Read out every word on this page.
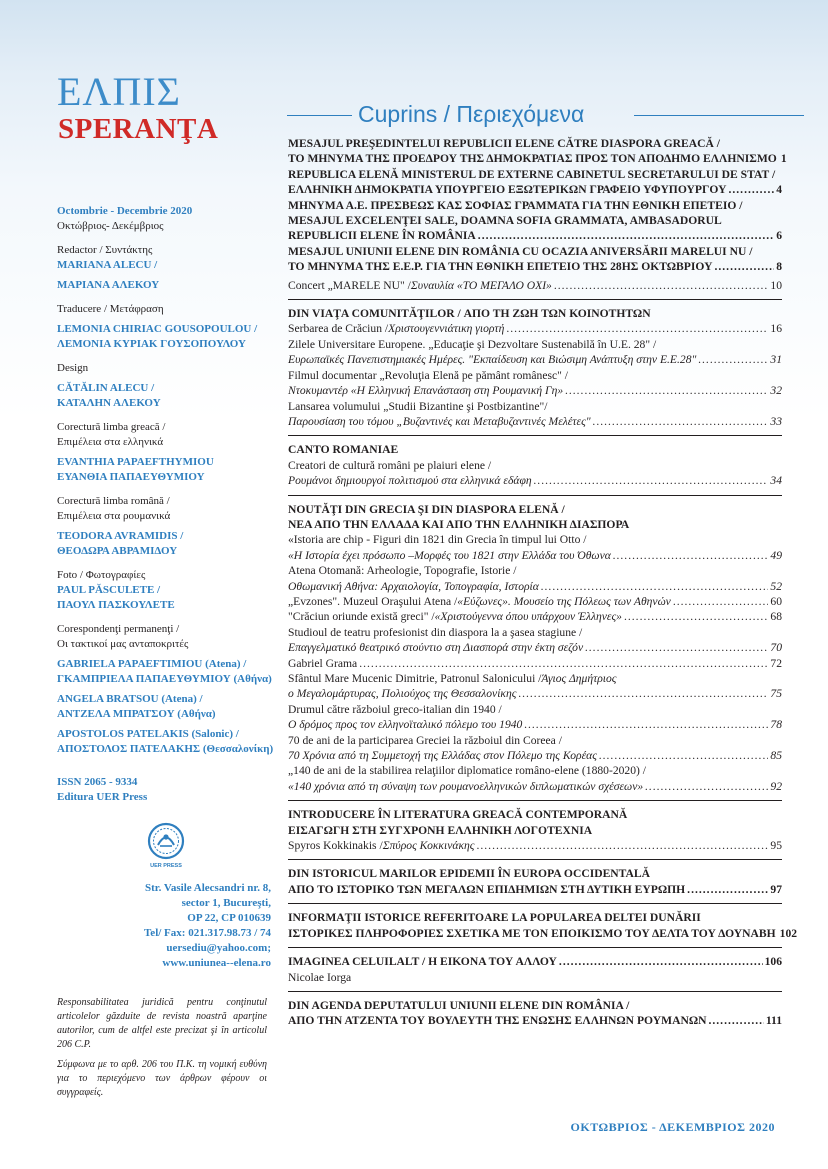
ΕΛΠΙΣ
SPERANŢA
Octombrie - Decembrie 2020
Οκτώβριος- Δεκέμβριος
Redactor / Συντάκτης
MARIANA ALECU /
ΜΑΡΙΑΝΑ ΑΛΕΚΟΥ
Traducere / Μετάφραση
LEMONIA CHIRIAC GOUSOPOULOU /
ΛΕΜΟΝΙΑ ΚΥΡΙΑΚ ΓΟΥΣΟΠΟΥΛΟΥ
Design
CĂTĂLIN ALECU /
ΚΑΤΑΛΗΝ ΑΛΕΚΟΥ
Corectură limba greacă /
Επιμέλεια στα ελληνικά
EVANTHIA PAPAEFTHYMIOU
ΕΥΑΝΘΙΑ ΠΑΠΑΕΥΘΥΜΙΟΥ
Corectură limba română /
Επιμέλεια στα ρουμανικά
TEODORA AVRAMIDIS /
ΘΕΟΔΩΡΑ ΑΒΡΑΜΙΔΟΥ
Foto / Φωτογραφίες
PAUL PĂSCULETE /
ΠΑΟΥΛ ΠΑΣΚΟΥΛΕΤΕ
Corespondenţi permanenţi /
Οι τακτικοί μας ανταποκριτές
GABRIELA PAPAEFTIMIOU (Atena) /
ΓΚΑΜΠΡΙΕΛΑ ΠΑΠΑΕΥΘΥΜΙΟΥ (Αθήνα)
ANGELA BRATSOU (Atena) /
ΑΝΤΖΕΛΑ ΜΠΡΑΤΣΟΥ (Αθήνα)
APOSTOLOS PATELAKIS (Salonic) /
ΑΠΟΣΤΟΛΟΣ ΠΑΤΕΛΑΚΗΣ (Θεσσαλονίκη)
ISSN 2065 - 9334
Editura UER Press
UER PRESS
Str. Vasile Alecsandri nr. 8,
sector 1, Bucureşti,
OP 22, CP 010639
Tel/ Fax: 021.317.98.73 / 74
uersediu@yahoo.com;
www.uniunea--elena.ro

Responsabilitatea juridică pentru conţinutul articolelor găzduite de revista noastră aparţine autorilor, cum de altfel este precizat şi în articolul 206 C.P.

Σύμφωνα με το αρθ. 206 του Π.Κ. τη νομική ευθύνη για το περιεχόμενο των άρθρων φέρουν οι συγγραφείς.

Cuprins / Περιεχόμενα
MESAJUL PREŞEDINTELUI REPUBLICII ELENE CĂTRE DIASPORA GREACĂ /
ΤΟ ΜΗΝΥΜΑ ΤΗΣ ΠΡΟΕΔΡΟΥ ΤΗΣ ΔΗΜΟΚΡΑΤΙΑΣ ΠΡΟΣ ΤΟΝ ΑΠΟΔΗΜΟ ΕΛΛΗΝΙΣΜΟ 1
REPUBLICA ELENĂ MINISTERUL DE EXTERNE CABINETUL SECRETARULUI DE STAT /
ΕΛΛΗΝΙΚΗ ΔΗΜΟΚΡΑΤΙΑ ΥΠΟΥΡΓΕΙΟ ΕΞΩΤΕΡΙΚΩΝ ΓΡΑΦΕΙΟ ΥΦΥΠΟΥΡΓΟΥ .....	4
ΜΗΝΥΜΑ Α.Ε. ΠΡΕΣΒΕΩΣ ΚΑΣ ΣΟΦΙΑΣ ΓΡΑΜΜΑΤΑ ΓΙΑ ΤΗΝ ΕΘΝΙΚΗ ΕΠΕΤΕΙΟ /
MESAJUL EXCELENŢEI SALE, DOAMNA SOFIA GRAMMATA, AMBASADORUL
REPUBLICII ELENE ÎN ROMÂNIA .....	6
MESAJUL UNIUNII ELENE DIN ROMÂNIA CU OCAZIA ANIVERSĂRII MARELUI NU /
ΤΟ ΜΗΝΥΜΑ ΤΗΣ Ε.Ε.Ρ. ΓΙΑ ΤΗΝ ΕΘΝΙΚΗ ΕΠΕΤΕΙΟ ΤΗΣ 28ΗΣ ΟΚΤΩΒΡΙΟΥ .....	8
Concert „MARELE NU" / Συναυλία «ΤΟ ΜΕΓΑΛΟ ΟΧΙ» .....	10
DIN VIAŢA COMUNITĂŢILOR / ΑΠΟ ΤΗ ΖΩΗ ΤΩΝ ΚΟΙΝΟΤΗΤΩΝ
Serbarea de Crăciun / Χριστουγεννιάτικη γιορτή .....	16
Zilele Universitare Europene. „Educaţie şi Dezvoltare Sustenabilă în U.E. 28" /
Ευρωπαϊκές Πανεπιστημιακές Ημέρες. "Εκπαίδευση και Βιώσιμη Ανάπτυξη στην Ε.Ε.28" .....	31
Filmul documentar „Revoluţia Elenă pe pământ românesc" /
Ντοκυμαντέρ «Η Ελληνική Επανάσταση στη Ρουμανική Γη» .....	32
Lansarea volumului „Studii Bizantine şi Postbizantine"/
Παρουσίαση του τόμου „Βυζαντινές και Μεταβυζαντινές Μελέτες" .....	33
CANTO ROMANIAE
Creatori de cultură români pe plaiuri elene /
Ρουμάνοι δημιουργοί πολιτισμού στα ελληνικά εδάφη .....	34
NOUTĂŢI DIN GRECIA ŞI DIN DIASPORA ELENĂ /
ΝΕΑ ΑΠΟ ΤΗΝ ΕΛΛΑΔΑ ΚΑΙ ΑΠΟ ΤΗΝ ΕΛΛΗΝΙΚΗ ΔΙΑΣΠΟΡΑ
«Istoria are chip - Figuri din 1821 din Grecia în timpul lui Otto /
«Η Ιστορία έχει πρόσωπο –Μορφές του 1821 στην Ελλάδα του Όθωνα .....	49
Atena Otomană: Arheologie, Topografie, Istorie /
Οθωμανική Αθήνα: Αρχαιολογία, Τοπογραφία, Ιστορία .....	52
„Evzones". Muzeul Oraşului Atena / «Εύζωνες». Μουσείο της Πόλεως των Αθηνών .....	60
"Crăciun oriunde există greci" / «Χριστούγεννα όπου υπάρχουν Έλληνες» .....	68
Studioul de teatru profesionist din diaspora la a şasea stagiune /
Επαγγελματικό θεατρικό στούντιο στη Διασπορά στην έκτη σεζόν .....	70
Gabriel Grama .....	72
Sfântul Mare Mucenic Dimitrie, Patronul Salonicului / Άγιος Δημήτριος
ο Μεγαλομάρτυρας, Πολιούχος της Θεσσαλονίκης .....	75
Drumul către războiul greco-italian din 1940 /
Ο δρόμος προς τον ελληνοϊταλικό πόλεμο του 1940 .....	78
70 de ani de la participarea Greciei la războiul din Coreea /
70 Χρόνια από τη Συμμετοχή της Ελλάδας στον Πόλεμο της Κορέας .....	85
„140 de ani de la stabilirea relaţiilor diplomatice româno-elene (1880-2020) /
«140 χρόνια από τη σύναψη των ρουμανοελληνικών διπλωματικών σχέσεων» .....	92
INTRODUCERE ÎN LITERATURA GREACĂ CONTEMPORANĂ
ΕΙΣΑΓΩΓΗ ΣΤΗ ΣΥΓΧΡΟΝΗ ΕΛΛΗΝΙΚΗ ΛΟΓΟΤΕΧΝΙΑ
Spyros Kokkinakis / Σπύρος Κοκκινάκης .....	95
DIN ISTORICUL MARILOR EPIDEMII ÎN EUROPA OCCIDENTALĂ
ΑΠΟ ΤΟ ΙΣΤΟΡΙΚΟ ΤΩΝ ΜΕΓΑΛΩΝ ΕΠΙΔΗΜΙΩΝ ΣΤΗ ΔΥΤΙΚΗ ΕΥΡΩΠΗ .....	97
INFORMAŢII ISTORICE REFERITOARE LA POPULAREA DELTEI DUNĂRII
ΙΣΤΟΡΙΚΕΣ ΠΛΗΡΟΦΟΡΙΕΣ ΣΧΕΤΙΚΑ ΜΕ ΤΟΝ ΕΠΟΙΚΙΣΜΟ ΤΟΥ ΔΕΛΤΑ ΤΟΥ ΔΟΥΝΑΒΗ 102
IMAGINEA CELUILALT / Η ΕΙΚΟΝΑ ΤΟΥ ΑΛΛΟΥ .....	106
Nicolae Iorga
DIN AGENDA DEPUTATULUI UNIUNII ELENE DIN ROMÂNIA /
ΑΠΟ ΤΗΝ ΑΤΖΕΝΤΑ ΤΟΥ ΒΟΥΛΕΥΤΗ ΤΗΣ ΕΝΩΣΗΣ ΕΛΛΗΝΩΝ ΡΟΥΜΑΝΩΝ .....	111
ΟΚΤΩΒΡΙΟΣ - ΔΕΚΕΜΒΡΙΟΣ 2020
